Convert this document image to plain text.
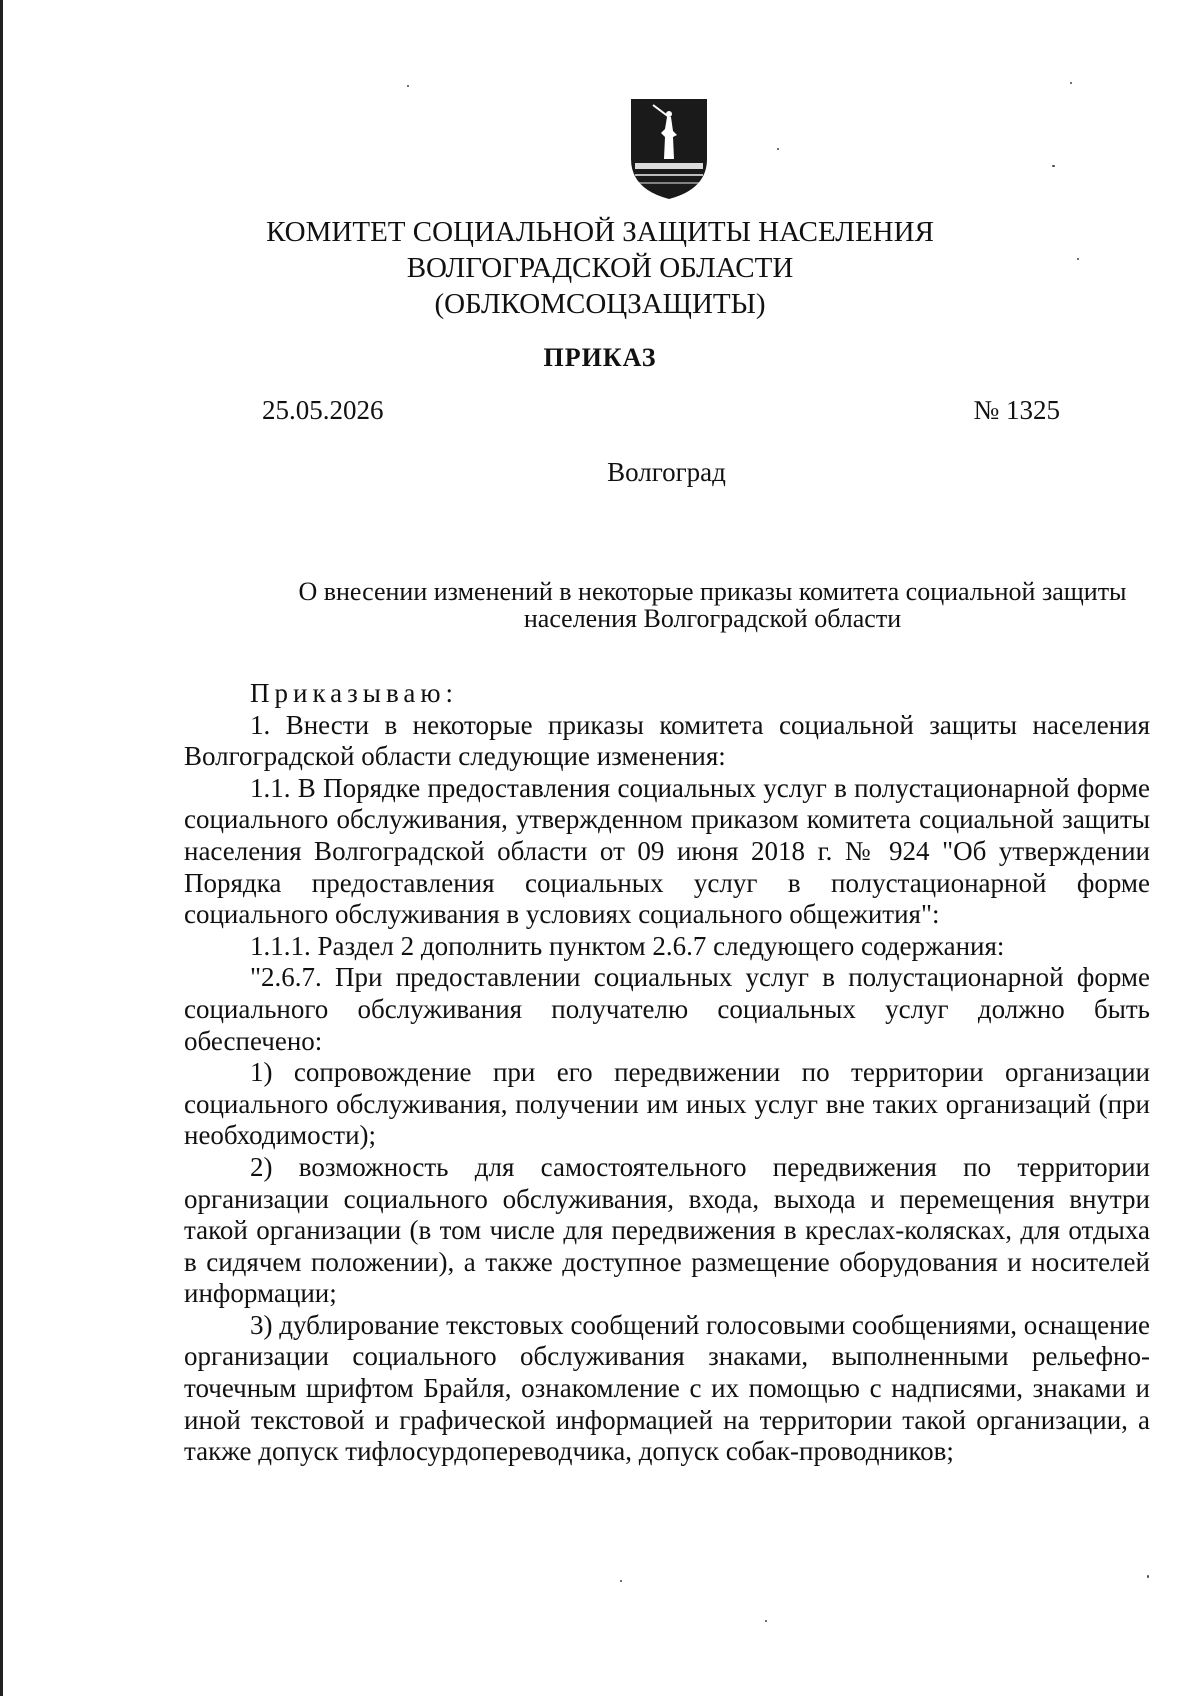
КОМИТЕТ СОЦИАЛЬНОЙ ЗАЩИТЫ НАСЕЛЕНИЯ
ВОЛГОГРАДСКОЙ ОБЛАСТИ
(ОБЛКОМСОЦЗАЩИТЫ)
ПРИКАЗ
25.05.2026	№ 1325
Волгоград
О внесении изменений в некоторые приказы комитета социальной защиты
населения Волгоградской области

Приказываю:

1. Внести в некоторые приказы комитета социальной защиты населения Волгоградской области следующие изменения:

1.1. В Порядке предоставления социальных услуг в полустационарной форме социального обслуживания, утвержденном приказом комитета социальной защиты населения Волгоградской области от 09 июня 2018 г. № 924 "Об утверждении Порядка предоставления социальных услуг в полустационарной форме социального обслуживания в условиях социального общежития":

1.1.1. Раздел 2 дополнить пунктом 2.6.7 следующего содержания:

"2.6.7. При предоставлении социальных услуг в полустационарной форме социального обслуживания получателю социальных услуг должно быть обеспечено:

1) сопровождение при его передвижении по территории организации социального обслуживания, получении им иных услуг вне таких организаций (при необходимости);

2) возможность для самостоятельного передвижения по территории организации социального обслуживания, входа, выхода и перемещения внутри такой организации (в том числе для передвижения в креслах-колясках, для отдыха в сидячем положении), а также доступное размещение оборудования и носителей информации;

3) дублирование текстовых сообщений голосовыми сообщениями, оснащение организации социального обслуживания знаками, выполненными рельефно-точечным шрифтом Брайля, ознакомление с их помощью с надписями, знаками и иной текстовой и графической информацией на территории такой организации, а также допуск тифлосурдопереводчика, допуск собак-проводников;
